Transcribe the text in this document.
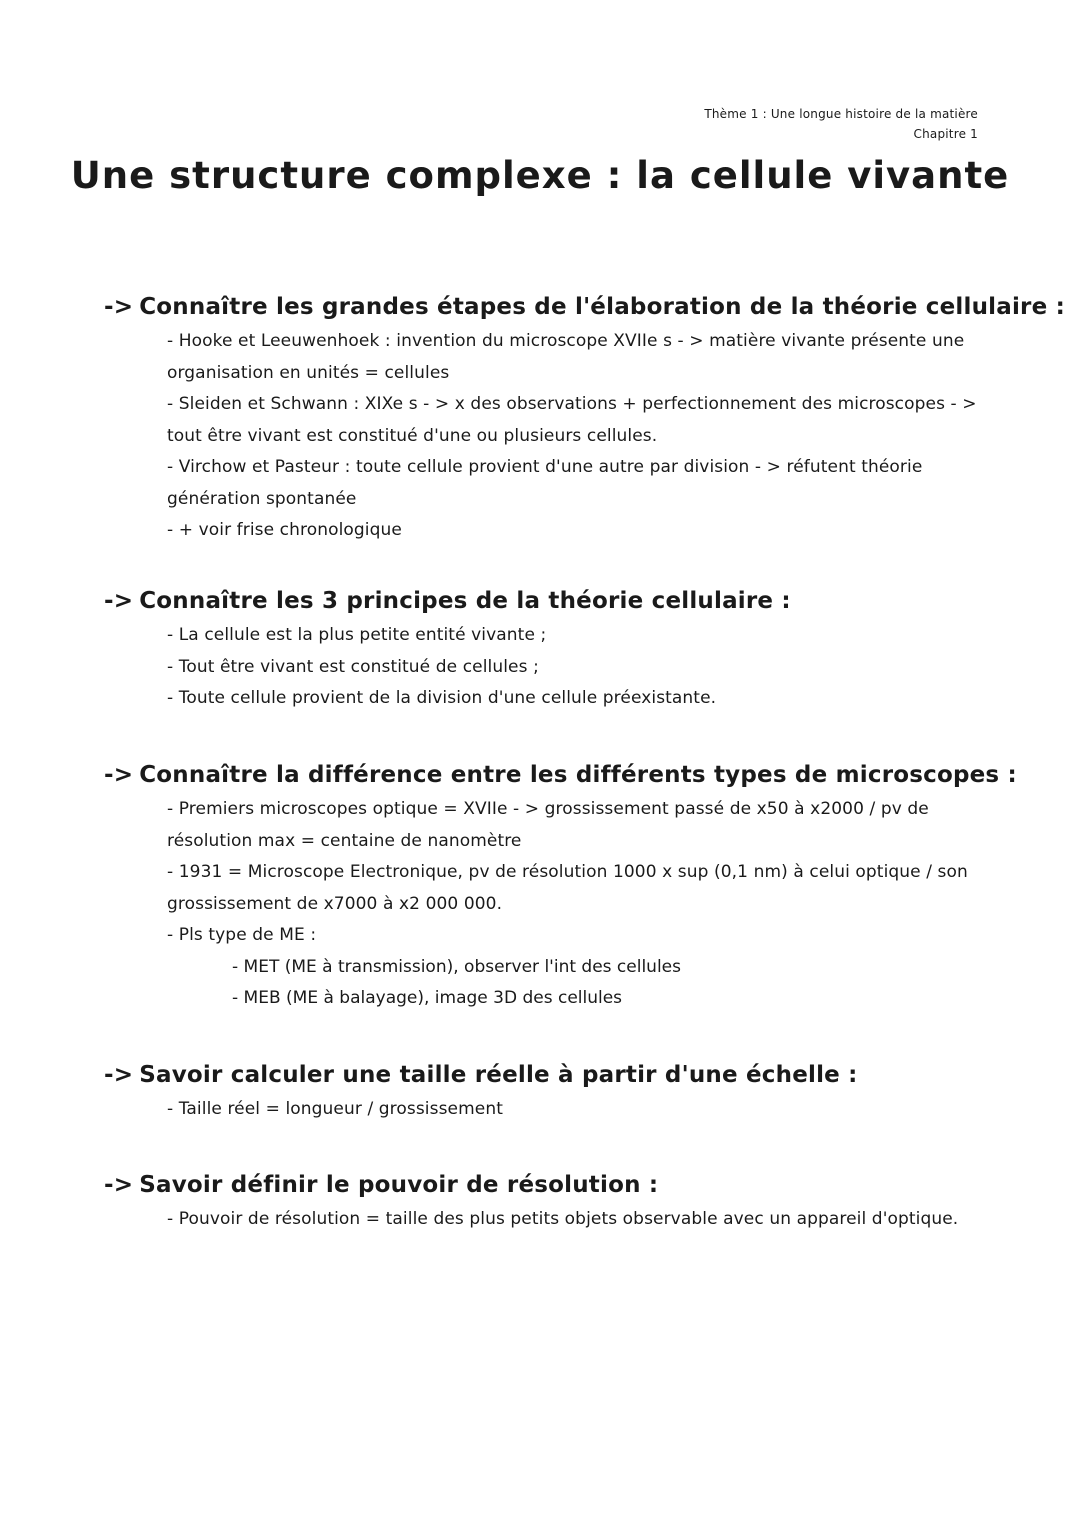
Thème 1 : Une longue histoire de la matière
Chapitre 1
Une structure complexe : la cellule vivante
-> Connaître les grandes étapes de l'élaboration de la théorie cellulaire :
- Hooke et Leeuwenhoek : invention du microscope XVIIe s - > matière vivante présente une organisation en unités = cellules
- Sleiden et Schwann : XIXe s - > x des observations + perfectionnement des microscopes - > tout être vivant est constitué d'une ou plusieurs cellules.
- Virchow et Pasteur : toute cellule provient d'une autre par division - > réfutent théorie génération spontanée
- + voir frise chronologique
-> Connaître les 3 principes de la théorie cellulaire :
- La cellule est la plus petite entité vivante ;
- Tout être vivant est constitué de cellules ;
- Toute cellule provient de la division d'une cellule préexistante.
-> Connaître la différence entre les différents types de microscopes :
- Premiers microscopes optique = XVIIe - > grossissement passé de x50 à x2000 / pv de résolution max = centaine de nanomètre
- 1931 = Microscope Electronique, pv de résolution 1000 x sup (0,1 nm) à celui optique / son grossissement de x7000 à x2 000 000.
- Pls type de ME :
- MET (ME à transmission), observer l'int des cellules
- MEB (ME à balayage), image 3D des cellules
-> Savoir calculer une taille réelle à partir d'une échelle :
- Taille réel = longueur / grossissement
-> Savoir définir le pouvoir de résolution :
- Pouvoir de résolution = taille des plus petits objets observable avec un appareil d'optique.
